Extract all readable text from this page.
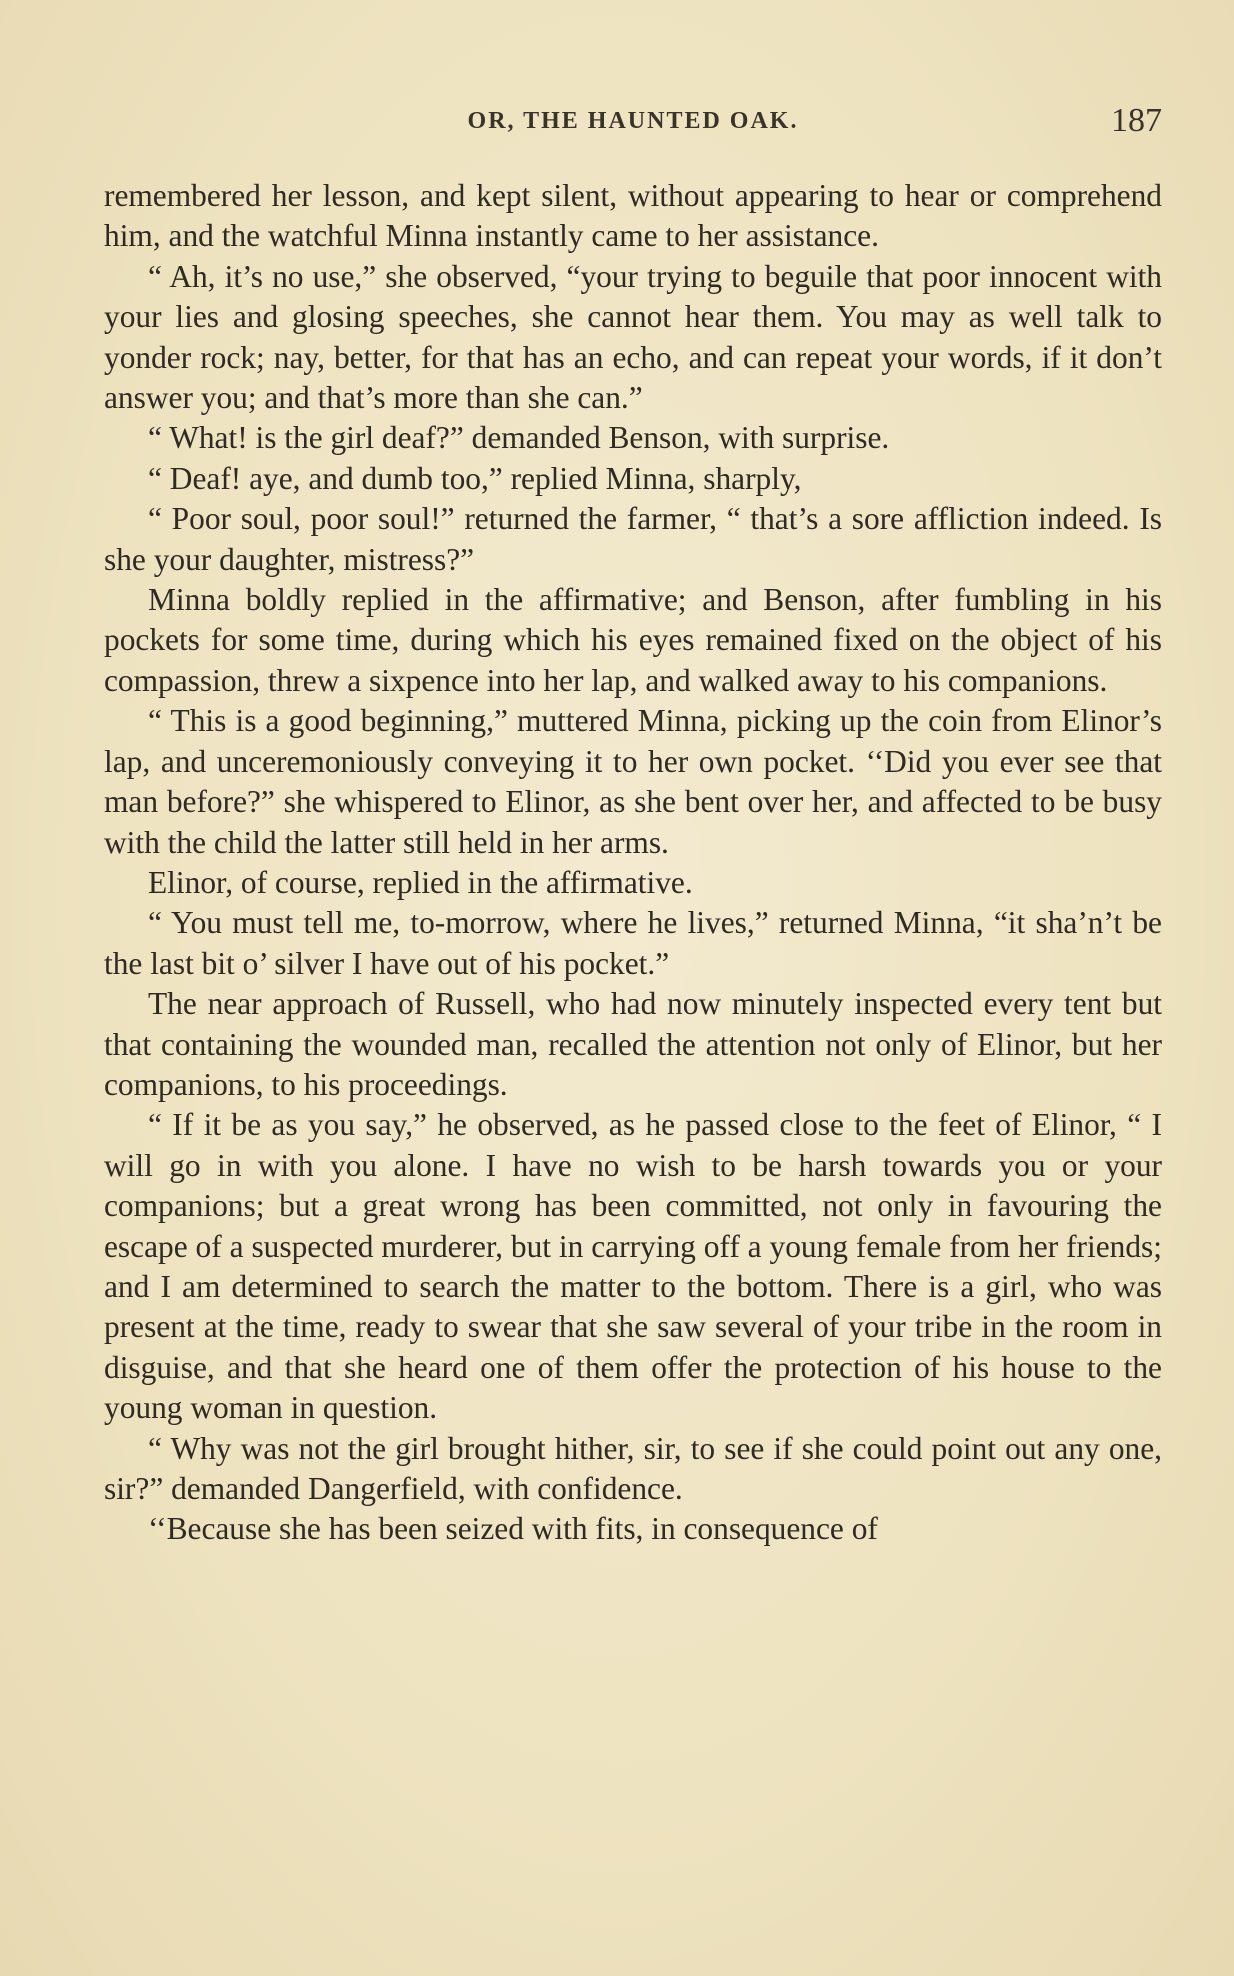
OR, THE HAUNTED OAK.	187

remembered her lesson, and kept silent, without appearing to hear or comprehend him, and the watchful Minna instantly came to her assistance.

“ Ah, it’s no use,” she observed, “your trying to beguile that poor innocent with your lies and glosing speeches, she cannot hear them. You may as well talk to yonder rock; nay, better, for that has an echo, and can repeat your words, if it don’t answer you; and that’s more than she can.”

“ What! is the girl deaf?” demanded Benson, with surprise.

“ Deaf! aye, and dumb too,” replied Minna, sharply,

“ Poor soul, poor soul!” returned the farmer, “ that’s a sore affliction indeed. Is she your daughter, mistress?”

Minna boldly replied in the affirmative; and Benson, after fumbling in his pockets for some time, during which his eyes remained fixed on the object of his compassion, threw a sixpence into her lap, and walked away to his companions.

“ This is a good beginning,” muttered Minna, picking up the coin from Elinor’s lap, and unceremoniously conveying it to her own pocket. ‘‘Did you ever see that man before?” she whispered to Elinor, as she bent over her, and affected to be busy with the child the latter still held in her arms.

Elinor, of course, replied in the affirmative.

“ You must tell me, to-morrow, where he lives,” returned Minna, “it sha’n’t be the last bit o’ silver I have out of his pocket.”

The near approach of Russell, who had now minutely inspected every tent but that containing the wounded man, recalled the attention not only of Elinor, but her companions, to his proceedings.

“ If it be as you say,” he observed, as he passed close to the feet of Elinor, “ I will go in with you alone. I have no wish to be harsh towards you or your companions; but a great wrong has been committed, not only in favouring the escape of a suspected murderer, but in carrying off a young female from her friends; and I am determined to search the matter to the bottom. There is a girl, who was present at the time, ready to swear that she saw several of your tribe in the room in disguise, and that she heard one of them offer the protection of his house to the young woman in question.

“ Why was not the girl brought hither, sir, to see if she could point out any one, sir?” demanded Dangerfield, with confidence.

‘‘Because she has been seized with fits, in consequence of
